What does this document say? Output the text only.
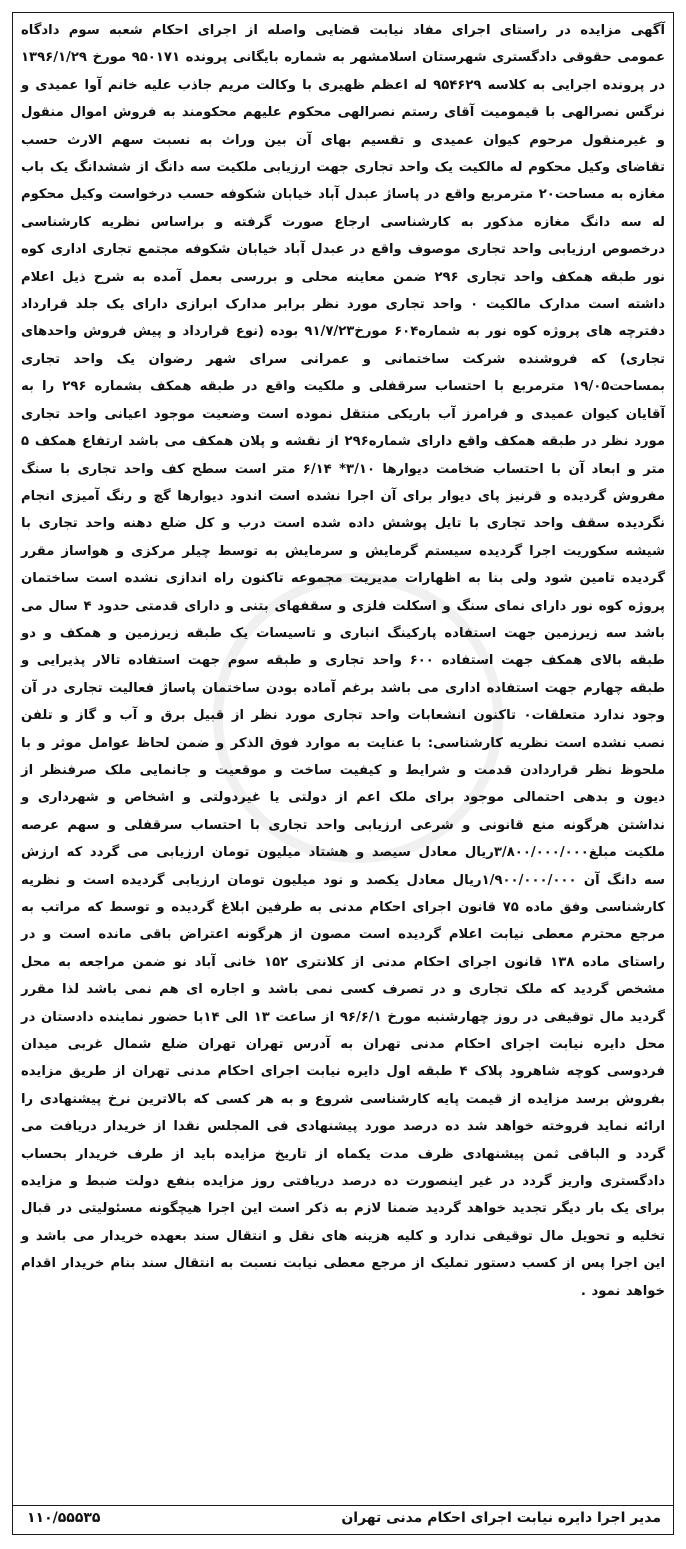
آگهی مزایده در راستای اجرای مفاد نیابت قضایی واصله از اجرای احکام شعبه سوم دادگاه عمومی حقوقی دادگستری شهرستان اسلامشهر به شماره بایگانی پرونده ۹۵۰۱۷۱ مورخ ۱۳۹۶/۱/۲۹ در پرونده اجرایی به کلاسه ۹۵۴۶۲۹ له اعظم ظهیری با وکالت مریم جاذب علیه خانم آوا عمیدی و نرگس نصرالهی با قیمومیت آقای رستم نصرالهی محکوم علیهم محکومند به فروش اموال منقول و غیرمنقول مرحوم کیوان عمیدی و تقسیم بهای آن بین وراث به نسبت سهم الارث حسب تقاضای وکیل محکوم له مالکیت یک واحد تجاری جهت ارزیابی ملکیت سه دانگ از ششدانگ یک باب مغازه به مساحت۲۰ مترمربع واقع در پاساژ عبدل آباد خیابان شکوفه حسب درخواست وکیل محکوم له سه دانگ مغازه مذکور به کارشناسی ارجاع صورت گرفته و براساس نظریه کارشناسی درخصوص ارزیابی واحد تجاری موصوف واقع در عبدل آباد خیابان شکوفه مجتمع تجاری اداری کوه نور طبقه همکف واحد تجاری ۲۹۶ ضمن معاینه محلی و بررسی بعمل آمده به شرح ذیل اعلام داشته است مدارک مالکیت ۰ واحد تجاری مورد نظر برابر مدارک ابرازی دارای یک جلد قرارداد دفترچه های پروژه کوه نور به شماره۶۰۴ مورخ۹۱/۷/۲۳ بوده (نوع قرارداد و پیش فروش واحدهای تجاری) که فروشنده شرکت ساختمانی و عمرانی سرای شهر رضوان یک واحد تجاری بمساحت۱۹/۰۵ مترمربع با احتساب سرقفلی و ملکیت واقع در طبقه همکف بشماره ۲۹۶ را به آقایان کیوان عمیدی و فرامرز آب باریکی منتقل نموده است وضعیت موجود اعیانی واحد تجاری مورد نظر در طبقه همکف واقع دارای شماره۲۹۶ از نقشه و پلان همکف می باشد ارتفاع همکف ۵ متر و ابعاد آن با احتساب ضخامت دیوارها ۳/۱۰* ۶/۱۴ متر است سطح کف واحد تجاری با سنگ مفروش گردیده و قرنیز پای دیوار برای آن اجرا نشده است اندود دیوارها گچ و رنگ آمیزی انجام نگردیده سقف واحد تجاری با تایل پوشش داده شده است درب و کل ضلع دهنه واحد تجاری با شیشه سکوریت اجرا گردیده سیستم گرمایش و سرمایش به توسط چیلر مرکزی و هواساز مقرر گردیده تامین شود ولی بنا به اظهارات مدیریت مجموعه تاکنون راه اندازی نشده است ساختمان پروژه کوه نور دارای نمای سنگ و اسکلت فلزی و سقفهای بتنی و دارای قدمتی حدود ۴ سال می باشد سه زیرزمین جهت استفاده پارکینگ انباری و تاسیسات یک طبقه زیرزمین و همکف و دو طبقه بالای همکف جهت استفاده ۶۰۰ واحد تجاری و طبقه سوم جهت استفاده تالار پذیرایی و طبقه چهارم جهت استفاده اداری می باشد برغم آماده بودن ساختمان پاساژ فعالیت تجاری در آن وجود ندارد متعلقات۰ تاکنون انشعابات واحد تجاری مورد نظر از قبیل برق و آب و گاز و تلفن نصب نشده است نظریه کارشناسی: با عنایت به موارد فوق الذکر و ضمن لحاظ عوامل موثر و با ملحوظ نظر قراردادن قدمت و شرایط و کیفیت ساخت و موقعیت و جانمایی ملک صرفنظر از دیون و بدهی احتمالی موجود برای ملک اعم از دولتی یا غیردولتی و اشخاص و شهرداری و نداشتن هرگونه منع قانونی و شرعی ارزیابی واحد تجاری با احتساب سرقفلی و سهم عرصه ملکیت مبلغ۳/۸۰۰/۰۰۰/۰۰۰ریال معادل سیصد و هشتاد میلیون تومان ارزیابی می گردد که ارزش سه دانگ آن ۱/۹۰۰/۰۰۰/۰۰۰ریال معادل یکصد و نود میلیون تومان ارزیابی گردیده است و نظریه کارشناسی وفق ماده ۷۵ قانون اجرای احکام مدنی به طرفین ابلاغ گردیده و توسط که مراتب به مرجع محترم معطی نیابت اعلام گردیده است مصون از هرگونه اعتراض باقی مانده است و در راستای ماده ۱۳۸ قانون اجرای احکام مدنی از کلانتری ۱۵۲ خانی آباد نو ضمن مراجعه به محل مشخص گردید که ملک تجاری و در تصرف کسی نمی باشد و اجاره ای هم نمی باشد لذا مقرر گردید مال توقیفی در روز چهارشنبه مورخ ۹۶/۶/۱ از ساعت ۱۳ الی ۱۴با حضور نماینده دادستان در محل دایره نیابت اجرای احکام مدنی تهران به آدرس تهران تهران ضلع شمال غربی میدان فردوسی کوچه شاهرود پلاک ۴ طبقه اول دایره نیابت اجرای احکام مدنی تهران از طریق مزایده بفروش برسد مزایده از قیمت پایه کارشناسی شروع و به هر کسی که بالاترین نرخ پیشنهادی را ارائه نماید فروخته خواهد شد ده درصد مورد پیشنهادی فی المجلس نقدا از خریدار دریافت می گردد و الباقی ثمن پیشنهادی ظرف مدت یکماه از تاریخ مزایده باید از طرف خریدار بحساب دادگستری واریز گردد در غیر اینصورت ده درصد دریافتی روز مزایده بنفع دولت ضبط و مزایده برای یک بار دیگر تجدید خواهد گردید ضمنا لازم به ذکر است این اجرا هیچگونه مسئولیتی در قبال تخلیه و تحویل مال توقیفی ندارد و کلیه هزینه های نقل و انتقال سند بعهده خریدار می باشد و این اجرا پس از کسب دستور تملیک از مرجع معطی نیابت نسبت به انتقال سند بنام خریدار اقدام خواهد نمود .

مدیر اجرا دایره نیابت اجرای احکام مدنی تهران
۱۱۰/۵۵۵۳۵
